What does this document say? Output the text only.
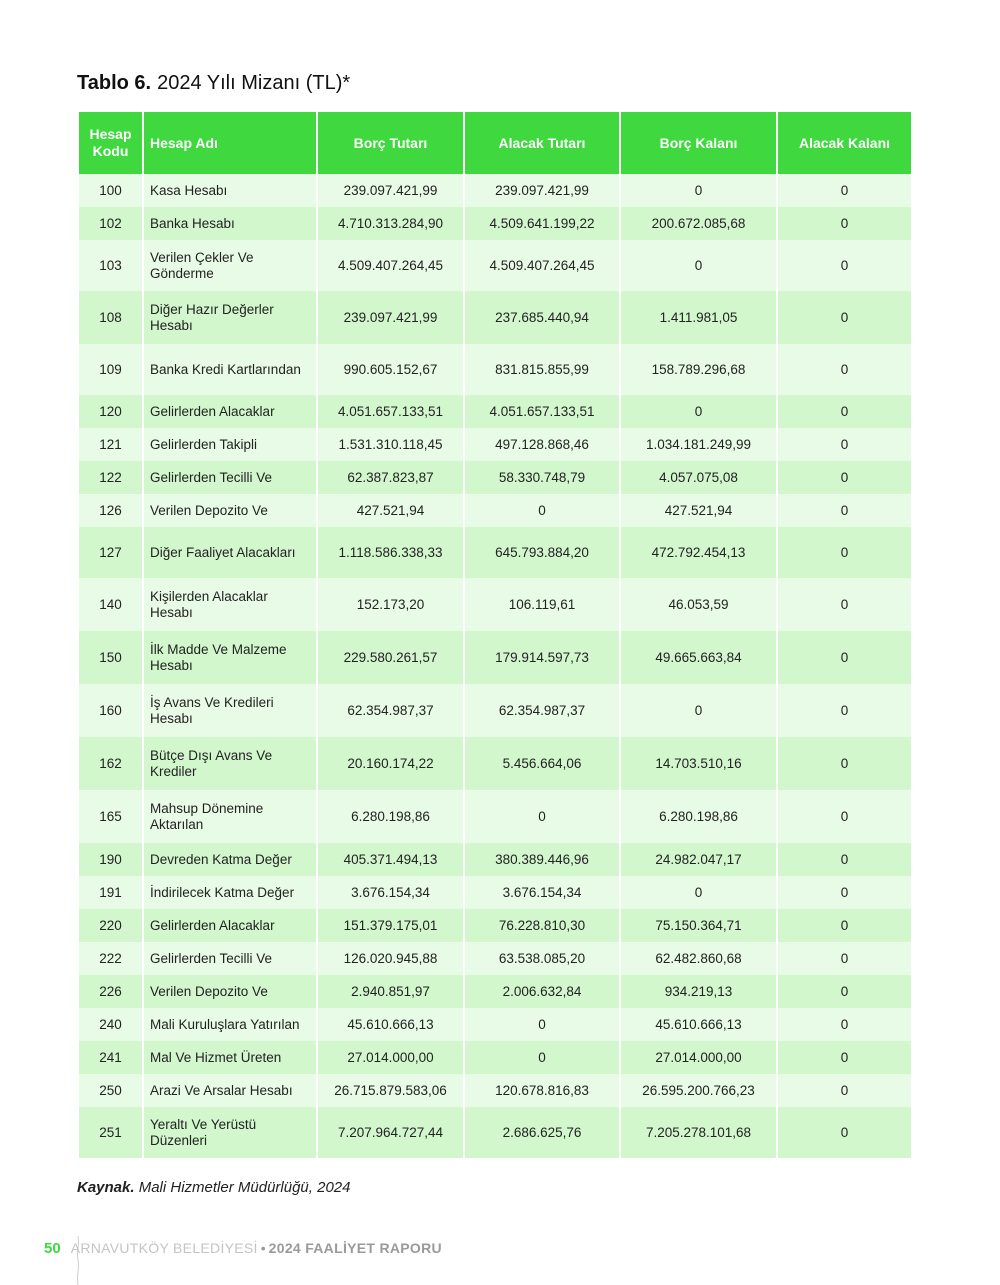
Tablo 6. 2024 Yılı Mizanı (TL)*
Hesap Kodu	Hesap Adı	Borç Tutarı	Alacak Tutarı	Borç Kalanı	Alacak Kalanı
100	Kasa Hesabı	239.097.421,99	239.097.421,99	0	0
102	Banka Hesabı	4.710.313.284,90	4.509.641.199,22	200.672.085,68	0
103	Verilen Çekler Ve Gönderme	4.509.407.264,45	4.509.407.264,45	0	0
108	Diğer Hazır Değerler Hesabı	239.097.421,99	237.685.440,94	1.411.981,05	0
109	Banka Kredi Kartlarından	990.605.152,67	831.815.855,99	158.789.296,68	0
120	Gelirlerden Alacaklar	4.051.657.133,51	4.051.657.133,51	0	0
121	Gelirlerden Takipli	1.531.310.118,45	497.128.868,46	1.034.181.249,99	0
122	Gelirlerden Tecilli Ve	62.387.823,87	58.330.748,79	4.057.075,08	0
126	Verilen Depozito Ve	427.521,94	0	427.521,94	0
127	Diğer Faaliyet Alacakları	1.118.586.338,33	645.793.884,20	472.792.454,13	0
140	Kişilerden Alacaklar Hesabı	152.173,20	106.119,61	46.053,59	0
150	İlk Madde Ve Malzeme Hesabı	229.580.261,57	179.914.597,73	49.665.663,84	0
160	İş Avans Ve Kredileri Hesabı	62.354.987,37	62.354.987,37	0	0
162	Bütçe Dışı Avans Ve Krediler	20.160.174,22	5.456.664,06	14.703.510,16	0
165	Mahsup Dönemine Aktarılan	6.280.198,86	0	6.280.198,86	0
190	Devreden Katma Değer	405.371.494,13	380.389.446,96	24.982.047,17	0
191	İndirilecek Katma Değer	3.676.154,34	3.676.154,34	0	0
220	Gelirlerden Alacaklar	151.379.175,01	76.228.810,30	75.150.364,71	0
222	Gelirlerden Tecilli Ve	126.020.945,88	63.538.085,20	62.482.860,68	0
226	Verilen Depozito Ve	2.940.851,97	2.006.632,84	934.219,13	0
240	Mali Kuruluşlara Yatırılan	45.610.666,13	0	45.610.666,13	0
241	Mal Ve Hizmet Üreten	27.014.000,00	0	27.014.000,00	0
250	Arazi Ve Arsalar Hesabı	26.715.879.583,06	120.678.816,83	26.595.200.766,23	0
251	Yeraltı Ve Yerüstü Düzenleri	7.207.964.727,44	2.686.625,76	7.205.278.101,68	0
Kaynak. Mali Hizmetler Müdürlüğü, 2024
50 ARNAVUTKÖY BELEDİYESİ • 2024 FAALİYET RAPORU
